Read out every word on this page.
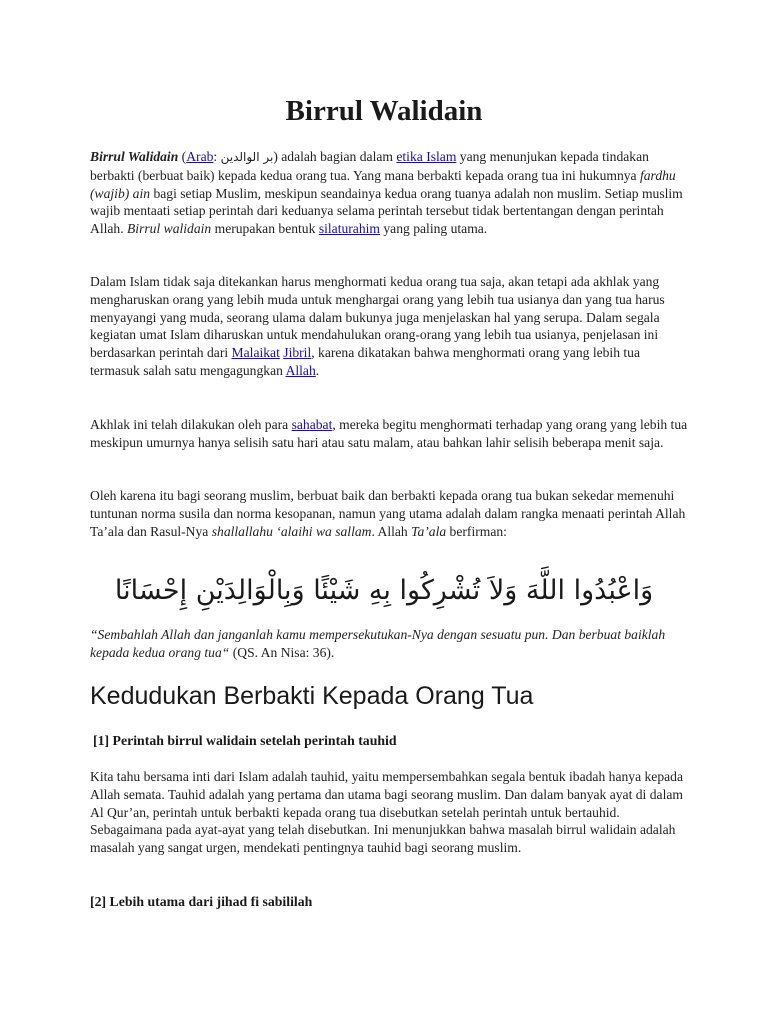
Birrul Walidain

Birrul Walidain (Arab: بر الوالدين) adalah bagian dalam etika Islam yang menunjukan kepada tindakan berbakti (berbuat baik) kepada kedua orang tua. Yang mana berbakti kepada orang tua ini hukumnya fardhu (wajib) ain bagi setiap Muslim, meskipun seandainya kedua orang tuanya adalah non muslim. Setiap muslim wajib mentaati setiap perintah dari keduanya selama perintah tersebut tidak bertentangan dengan perintah Allah. Birrul walidain merupakan bentuk silaturahim yang paling utama.

Dalam Islam tidak saja ditekankan harus menghormati kedua orang tua saja, akan tetapi ada akhlak yang mengharuskan orang yang lebih muda untuk menghargai orang yang lebih tua usianya dan yang tua harus menyayangi yang muda, seorang ulama dalam bukunya juga menjelaskan hal yang serupa. Dalam segala kegiatan umat Islam diharuskan untuk mendahulukan orang-orang yang lebih tua usianya, penjelasan ini berdasarkan perintah dari Malaikat Jibril, karena dikatakan bahwa menghormati orang yang lebih tua termasuk salah satu mengagungkan Allah.

Akhlak ini telah dilakukan oleh para sahabat, mereka begitu menghormati terhadap yang orang yang lebih tua meskipun umurnya hanya selisih satu hari atau satu malam, atau bahkan lahir selisih beberapa menit saja.

Oleh karena itu bagi seorang muslim, berbuat baik dan berbakti kepada orang tua bukan sekedar memenuhi tuntunan norma susila dan norma kesopanan, namun yang utama adalah dalam rangka menaati perintah Allah Ta’ala dan Rasul-Nya shallallahu ‘alaihi wa sallam. Allah Ta’ala berfirman:

وَاعْبُدُوا اللَّهَ وَلاَ تُشْرِكُوا بِهِ شَيْئًا وَبِالْوَالِدَيْنِ إِحْسَانًا

“Sembahlah Allah dan janganlah kamu mempersekutukan-Nya dengan sesuatu pun. Dan berbuat baiklah kepada kedua orang tua“ (QS. An Nisa: 36).

Kedudukan Berbakti Kepada Orang Tua
[1] Perintah birrul walidain setelah perintah tauhid

Kita tahu bersama inti dari Islam adalah tauhid, yaitu mempersembahkan segala bentuk ibadah hanya kepada Allah semata. Tauhid adalah yang pertama dan utama bagi seorang muslim. Dan dalam banyak ayat di dalam Al Qur’an, perintah untuk berbakti kepada orang tua disebutkan setelah perintah untuk bertauhid. Sebagaimana pada ayat-ayat yang telah disebutkan. Ini menunjukkan bahwa masalah birrul walidain adalah masalah yang sangat urgen, mendekati pentingnya tauhid bagi seorang muslim.

[2] Lebih utama dari jihad fi sabililah
